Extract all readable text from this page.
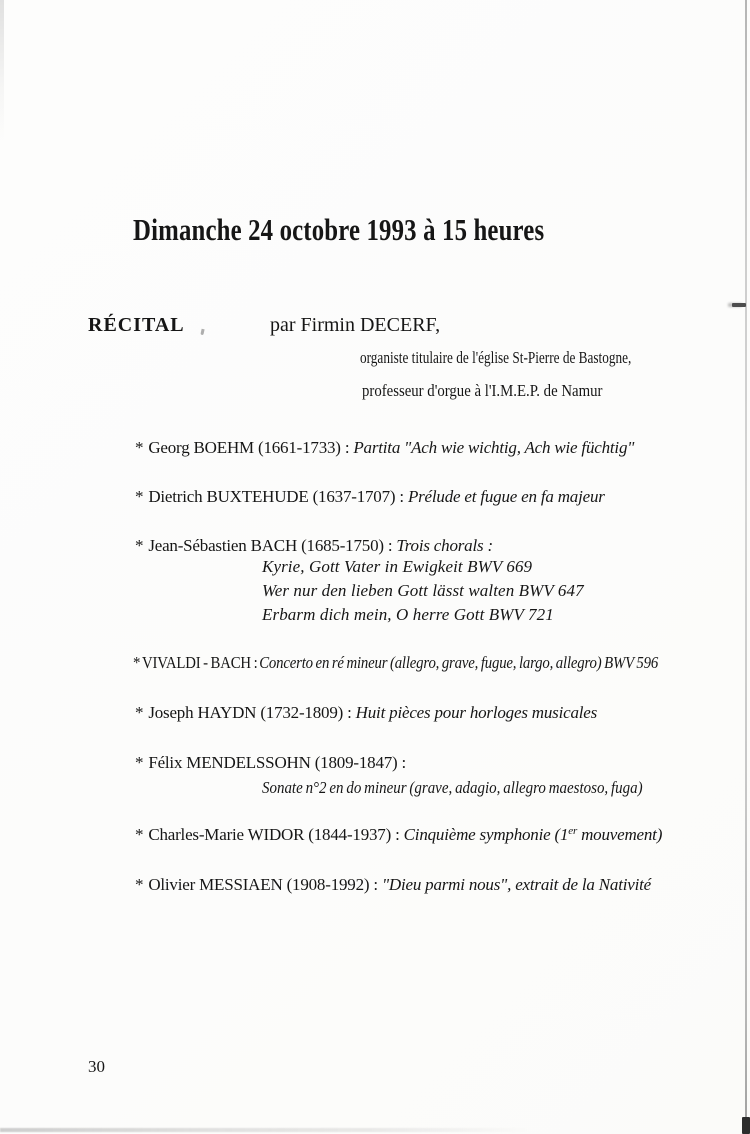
Dimanche 24 octobre 1993 à 15 heures
RÉCITAL	par Firmin DECERF,
organiste titulaire de l'église St-Pierre de Bastogne,
professeur d'orgue à l'I.M.E.P. de Namur
* Georg BOEHM (1661-1733) : Partita "Ach wie wichtig, Ach wie füchtig"
* Dietrich BUXTEHUDE (1637-1707) : Prélude et fugue en fa majeur
* Jean-Sébastien BACH (1685-1750) : Trois chorals :
Kyrie, Gott Vater in Ewigkeit BWV 669
Wer nur den lieben Gott lässt walten BWV 647
Erbarm dich mein, O herre Gott BWV 721
* VIVALDI - BACH : Concerto en ré mineur (allegro, grave, fugue, largo, allegro) BWV 596
* Joseph HAYDN (1732-1809) : Huit pièces pour horloges musicales
* Félix MENDELSSOHN (1809-1847) :
Sonate n°2 en do mineur (grave, adagio, allegro maestoso, fuga)
* Charles-Marie WIDOR (1844-1937) : Cinquième symphonie (1er mouvement)
* Olivier MESSIAEN (1908-1992) : "Dieu parmi nous", extrait de la Nativité
30
